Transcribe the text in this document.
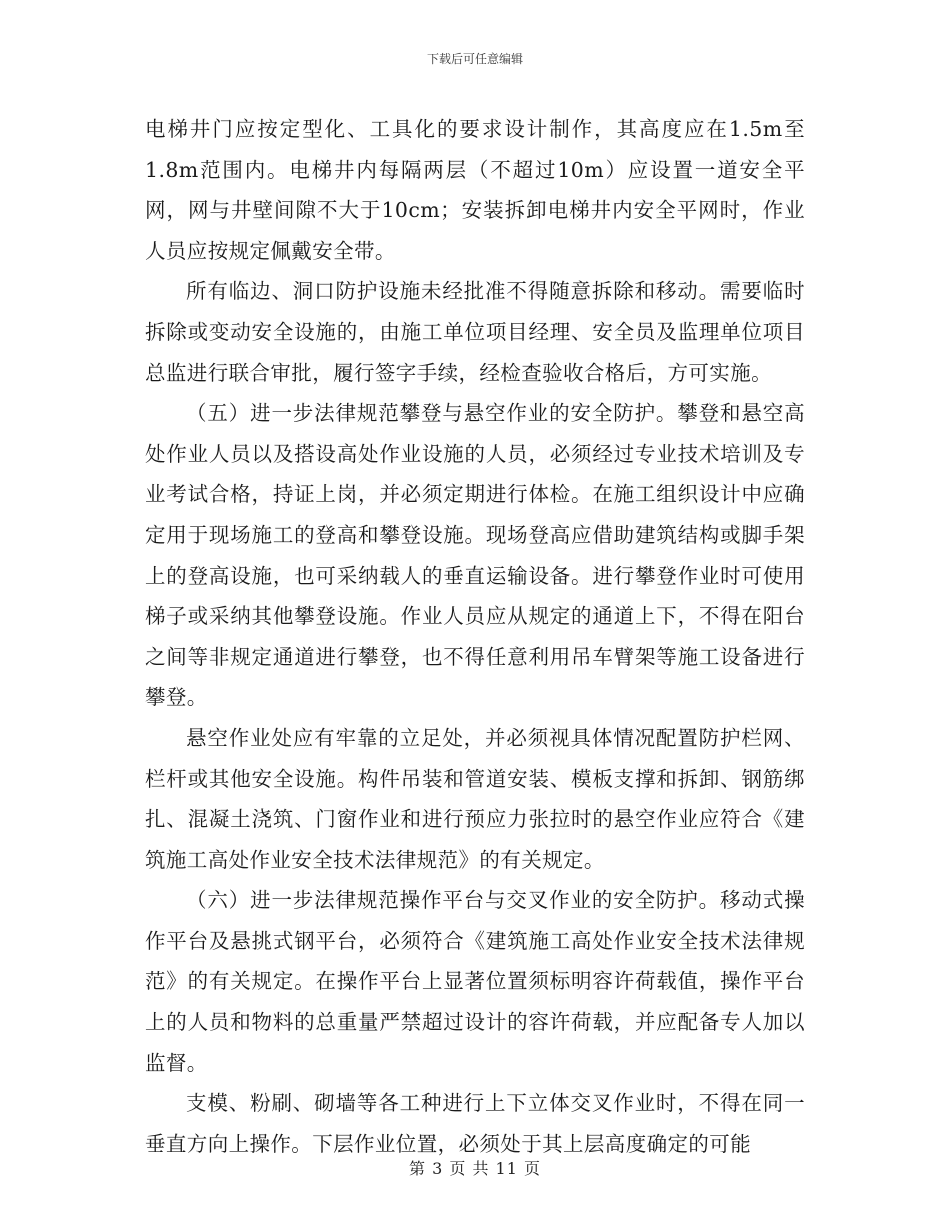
下载后可任意编辑

电梯井门应按定型化、工具化的要求设计制作，其高度应在1.5m至1.8m范围内。电梯井内每隔两层（不超过10m）应设置一道安全平网，网与井壁间隙不大于10cm；安装拆卸电梯井内安全平网时，作业人员应按规定佩戴安全带。

所有临边、洞口防护设施未经批准不得随意拆除和移动。需要临时拆除或变动安全设施的，由施工单位项目经理、安全员及监理单位项目总监进行联合审批，履行签字手续，经检查验收合格后，方可实施。

（五）进一步法律规范攀登与悬空作业的安全防护。攀登和悬空高处作业人员以及搭设高处作业设施的人员，必须经过专业技术培训及专业考试合格，持证上岗，并必须定期进行体检。在施工组织设计中应确定用于现场施工的登高和攀登设施。现场登高应借助建筑结构或脚手架上的登高设施，也可采纳载人的垂直运输设备。进行攀登作业时可使用梯子或采纳其他攀登设施。作业人员应从规定的通道上下，不得在阳台之间等非规定通道进行攀登，也不得任意利用吊车臂架等施工设备进行攀登。

悬空作业处应有牢靠的立足处，并必须视具体情况配置防护栏网、栏杆或其他安全设施。构件吊装和管道安装、模板支撑和拆卸、钢筋绑扎、混凝土浇筑、门窗作业和进行预应力张拉时的悬空作业应符合《建筑施工高处作业安全技术法律规范》的有关规定。

（六）进一步法律规范操作平台与交叉作业的安全防护。移动式操作平台及悬挑式钢平台，必须符合《建筑施工高处作业安全技术法律规范》的有关规定。在操作平台上显著位置须标明容许荷载值，操作平台上的人员和物料的总重量严禁超过设计的容许荷载，并应配备专人加以监督。

支模、粉刷、砌墙等各工种进行上下立体交叉作业时，不得在同一垂直方向上操作。下层作业位置，必须处于其上层高度确定的可能

第 3 页 共 11 页
